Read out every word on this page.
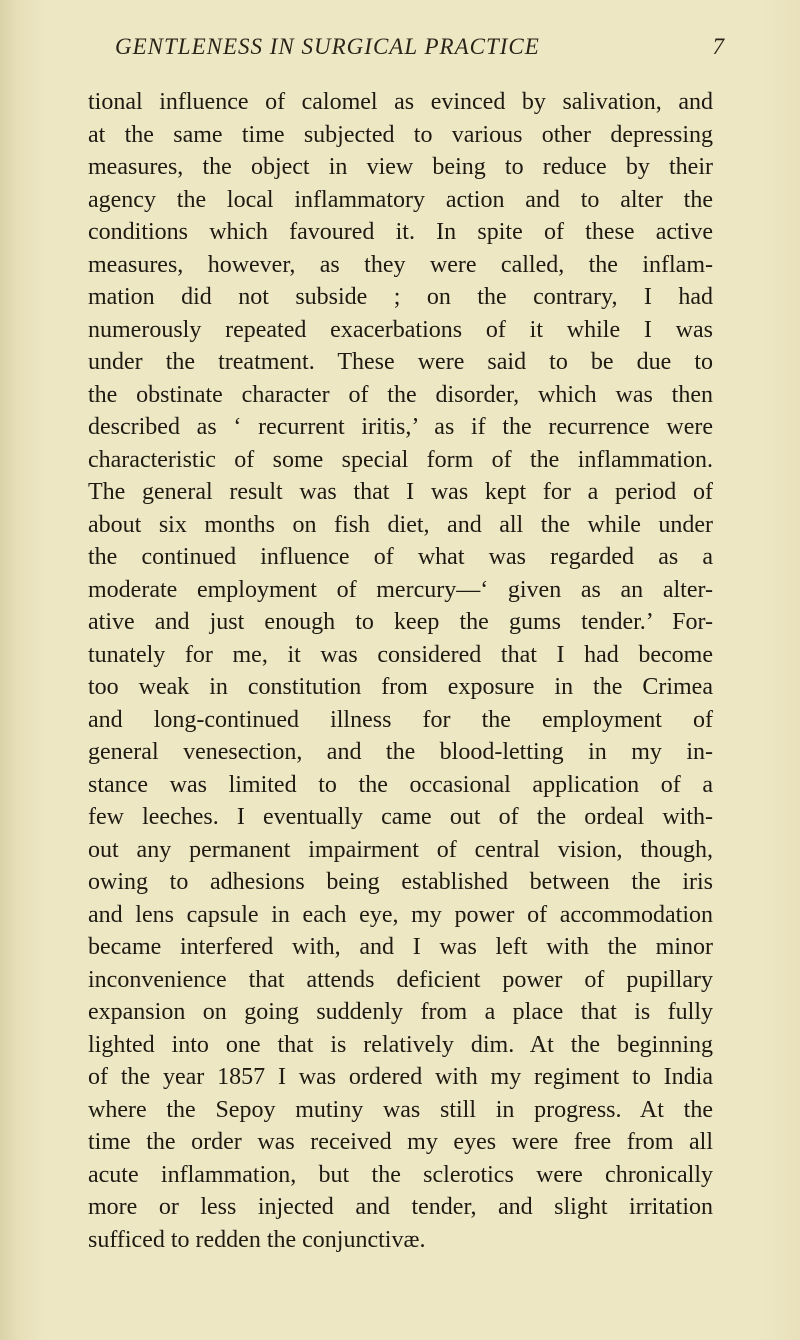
GENTLENESS IN SURGICAL PRACTICE	7
tional influence of calomel as evinced by salivation, and
at the same time subjected to various other depressing
measures, the object in view being to reduce by their
agency the local inflammatory action and to alter the
conditions which favoured it. In spite of these active
measures, however, as they were called, the inflam-
mation did not subside ; on the contrary, I had
numerously repeated exacerbations of it while I was
under the treatment. These were said to be due to
the obstinate character of the disorder, which was then
described as ‘ recurrent iritis,’ as if the recurrence were
characteristic of some special form of the inflammation.
The general result was that I was kept for a period of
about six months on fish diet, and all the while under
the continued influence of what was regarded as a
moderate employment of mercury—‘ given as an alter-
ative and just enough to keep the gums tender.’ For-
tunately for me, it was considered that I had become
too weak in constitution from exposure in the Crimea
and long-continued illness for the employment of
general venesection, and the blood-letting in my in-
stance was limited to the occasional application of a
few leeches. I eventually came out of the ordeal with-
out any permanent impairment of central vision, though,
owing to adhesions being established between the iris
and lens capsule in each eye, my power of accommodation
became interfered with, and I was left with the minor
inconvenience that attends deficient power of pupillary
expansion on going suddenly from a place that is fully
lighted into one that is relatively dim. At the beginning
of the year 1857 I was ordered with my regiment to India
where the Sepoy mutiny was still in progress. At the
time the order was received my eyes were free from all
acute inflammation, but the sclerotics were chronically
more or less injected and tender, and slight irritation
sufficed to redden the conjunctivæ.
